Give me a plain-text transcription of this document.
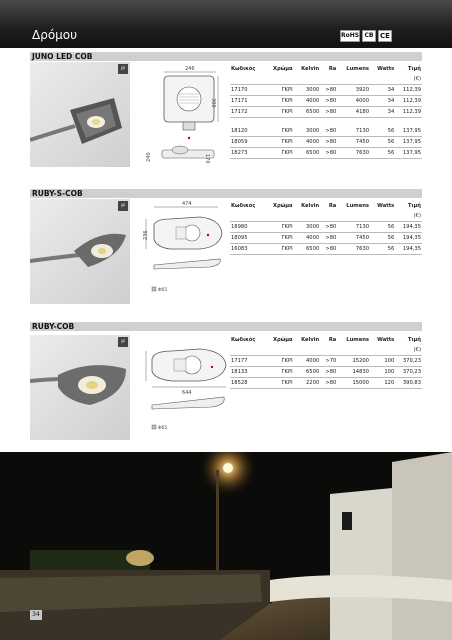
Δρόμου	RoHS CB CE
JUNO LED COB
IP	246
300
240	170
Κωδικός	Χρώμα	Kelvin	Ra	Lumens	Watts	Τιμή
						(€)
17170	ΓΚΡΙ	3000	>80	3920	34	112,39
17171	ΓΚΡΙ	4000	>80	4000	34	112,39
17172	ΓΚΡΙ	6500	>80	4180	34	112,39

18120	ΓΚΡΙ	3000	>80	7130	56	137,95
18059	ΓΚΡΙ	4000	>80	7450	56	137,95
18273	ΓΚΡΙ	6500	>80	7630	56	137,95
RUBY-S-COB
IP	474
236
Φ65
Κωδικός	Χρώμα	Kelvin	Ra	Lumens	Watts	Τιμή
						(€)
18980	ΓΚΡΙ	3000	>80	7130	56	194,35
18095	ΓΚΡΙ	4000	>80	7450	56	194,35
16083	ΓΚΡΙ	6500	>80	7630	56	194,35
RUBY-COB
IP
644
Φ65
Κωδικός	Χρώμα	Kelvin	Ra	Lumens	Watts	Τιμή
						(€)
17177	ΓΚΡΙ	4000	>70	15200	100	370,23
18133	ΓΚΡΙ	6500	>80	14830	100	370,23
18528	ΓΚΡΙ	2200	>80	15000	120	390,83
34
